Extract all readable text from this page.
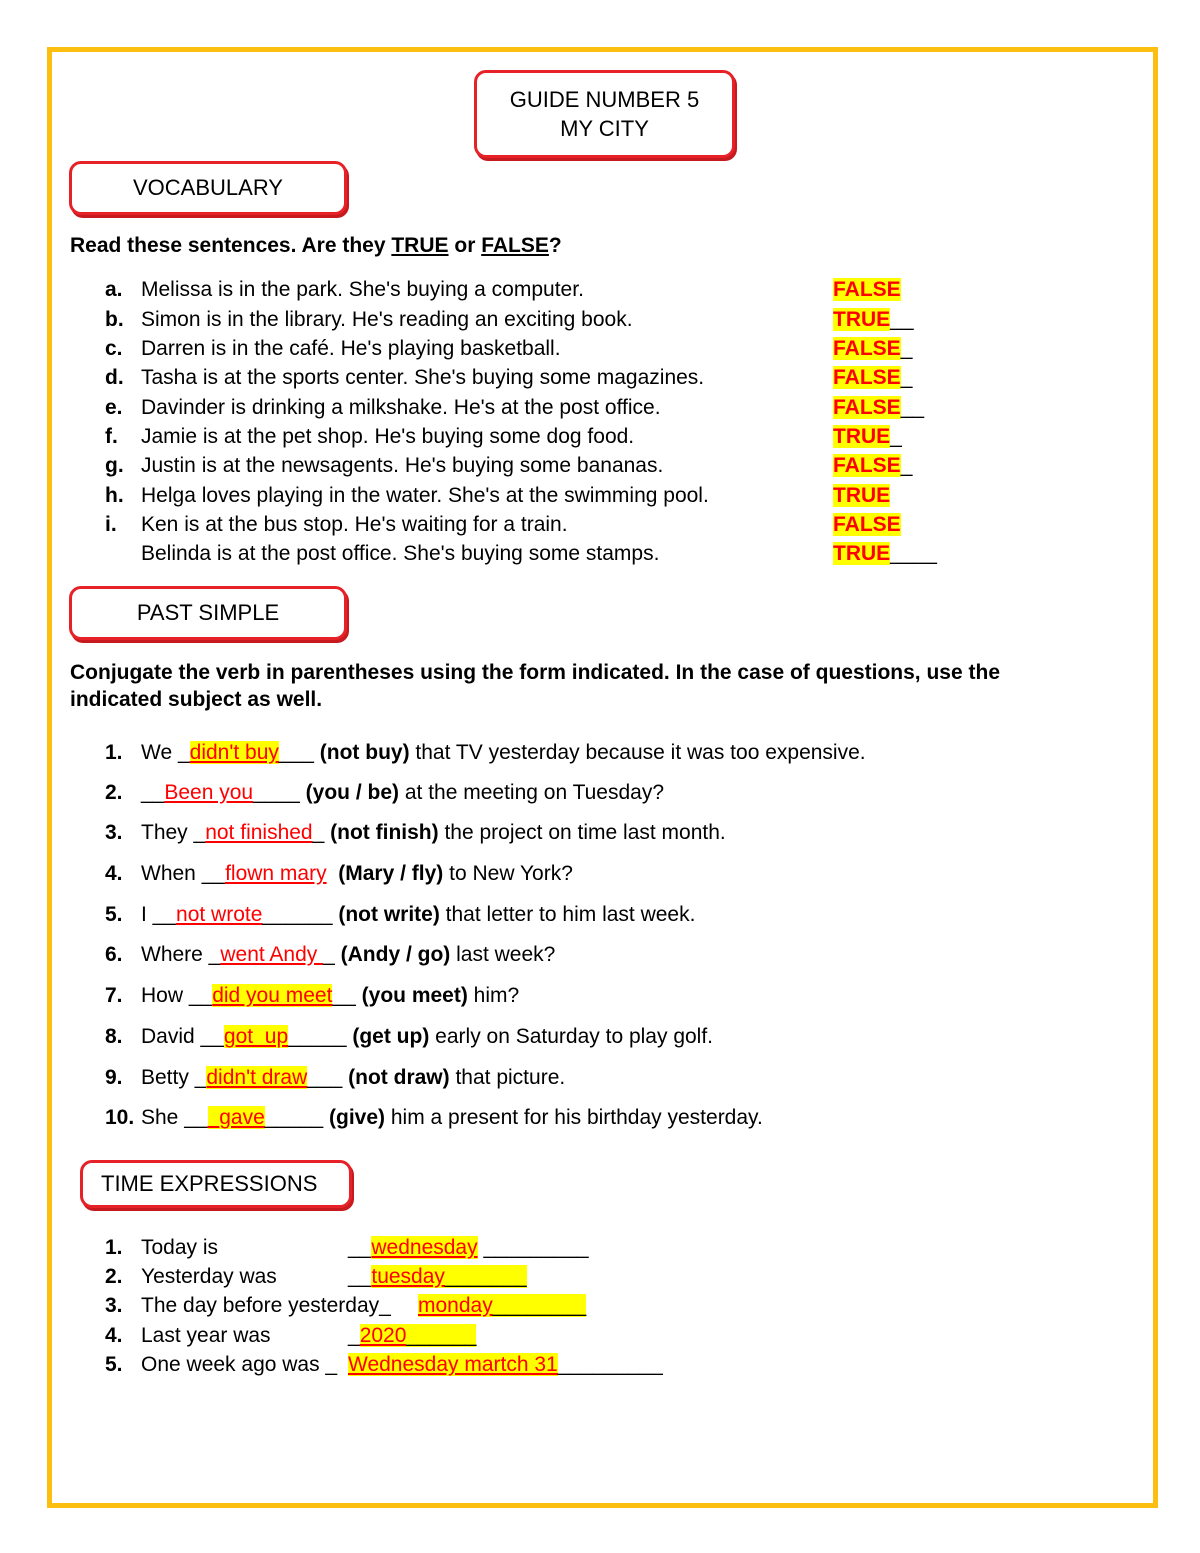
GUIDE NUMBER 5
MY CITY
VOCABULARY
Read these sentences. Are they TRUE or FALSE?
a. Melissa is in the park. She's buying a computer.	FALSE
b. Simon is in the library. He's reading an exciting book.	TRUE__
c. Darren is in the café. He's playing basketball.	FALSE_
d. Tasha is at the sports center. She's buying some magazines.	FALSE_
e. Davinder is drinking a milkshake. He's at the post office.	FALSE__
f. Jamie is at the pet shop. He's buying some dog food.	TRUE_
g. Justin is at the newsagents. He's buying some bananas.	FALSE_
h. Helga loves playing in the water. She's at the swimming pool.	TRUE
i. Ken is at the bus stop. He's waiting for a train.	FALSE
Belinda is at the post office. She's buying some stamps.	TRUE____
PAST SIMPLE
Conjugate the verb in parentheses using the form indicated. In the case of questions, use the
indicated subject as well.
1. We _didn't buy___ (not buy) that TV yesterday because it was too expensive.
2. __Been you____ (you / be) at the meeting on Tuesday?
3. They _not finished_ (not finish) the project on time last month.
4. When __flown mary (Mary / fly) to New York?
5. I __not wrote______ (not write) that letter to him last week.
6. Where _went Andy _ (Andy / go) last week?
7. How __did you meet__ (you meet) him?
8. David __got_up_____ (get up) early on Saturday to play golf.
9. Betty _didn't draw___ (not draw) that picture.
10. She ___gave_____ (give) him a present for his birthday yesterday.
TIME EXPRESSIONS
1. Today is	__wednesday _________
2. Yesterday was	__tuesday_______
3. The day before yesterday_ monday________
4. Last year was	_2020______
5. One week ago was _ Wednesday martch 31_________
